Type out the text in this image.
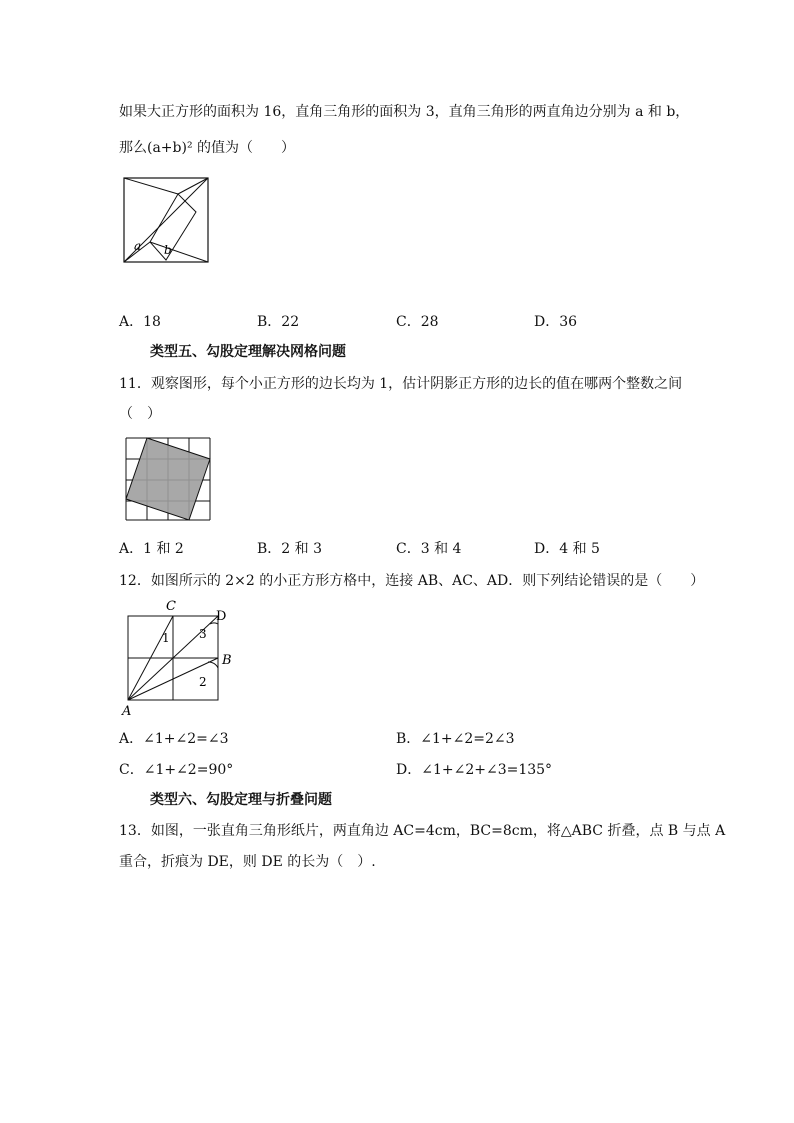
如果大正方形的面积为 16，直角三角形的面积为 3，直角三角形的两直角边分别为 a 和 b，
那么(a+b)² 的值为（　　）
a b
A．18	B．22	C．28	D．36
类型五、勾股定理解决网格问题
11．观察图形，每个小正方形的边长均为 1，估计阴影正方形的边长的值在哪两个整数之间
（　）
A．1 和 2	B．2 和 3	C．3 和 4	D．4 和 5
12．如图所示的 2×2 的小正方形方格中，连接 AB、AC、AD．则下列结论错误的是（　　）
C
D
B
A
1 3
2
A．∠1+∠2=∠3	B．∠1+∠2=2∠3
C．∠1+∠2=90°	D．∠1+∠2+∠3=135°
类型六、勾股定理与折叠问题
13．如图，一张直角三角形纸片，两直角边 AC=4cm，BC=8cm，将△ABC 折叠，点 B 与点 A
重合，折痕为 DE，则 DE 的长为（　）.
